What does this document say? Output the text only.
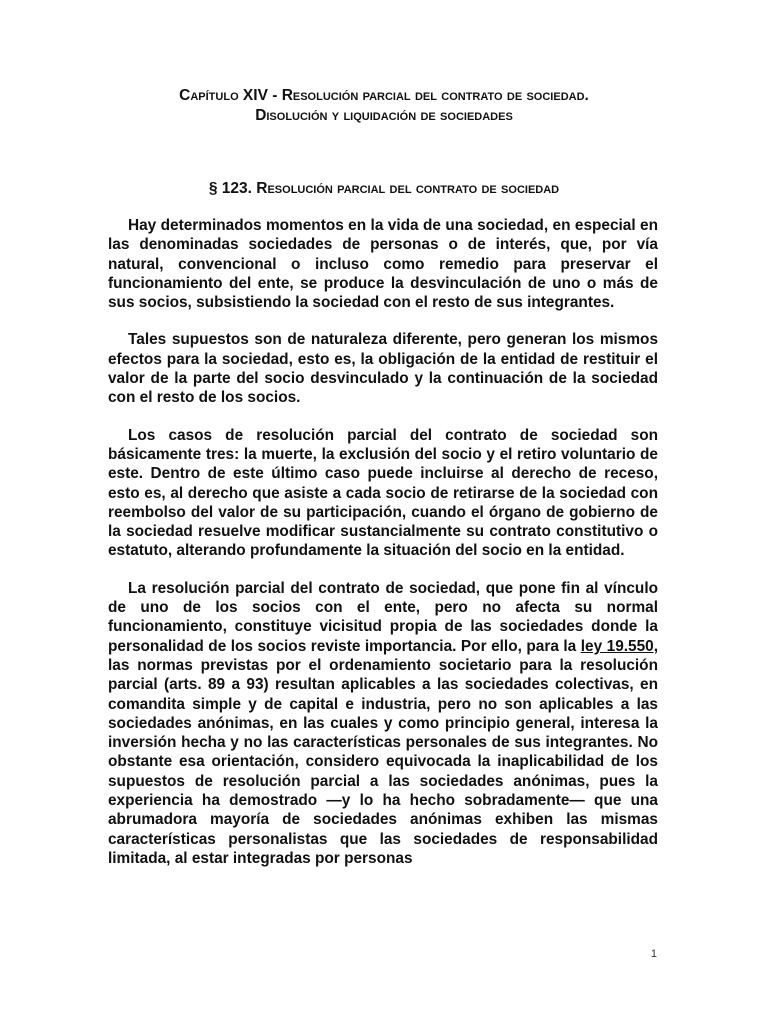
Capítulo XIV - Resolución parcial del contrato de sociedad.
Disolución y liquidación de sociedades
§ 123. Resolución parcial del contrato de sociedad

Hay determinados momentos en la vida de una sociedad, en especial en las denominadas sociedades de personas o de interés, que, por vía natural, convencional o incluso como remedio para preservar el funcionamiento del ente, se produce la desvinculación de uno o más de sus socios, subsistiendo la sociedad con el resto de sus integrantes.

Tales supuestos son de naturaleza diferente, pero generan los mismos efectos para la sociedad, esto es, la obligación de la entidad de restituir el valor de la parte del socio desvinculado y la continuación de la sociedad con el resto de los socios.

Los casos de resolución parcial del contrato de sociedad son básicamente tres: la muerte, la exclusión del socio y el retiro voluntario de este. Dentro de este último caso puede incluirse al derecho de receso, esto es, al derecho que asiste a cada socio de retirarse de la sociedad con reembolso del valor de su participación, cuando el órgano de gobierno de la sociedad resuelve modificar sustancialmente su contrato constitutivo o estatuto, alterando profundamente la situación del socio en la entidad.

La resolución parcial del contrato de sociedad, que pone fin al vínculo de uno de los socios con el ente, pero no afecta su normal funcionamiento, constituye vicisitud propia de las sociedades donde la personalidad de los socios reviste importancia. Por ello, para la ley 19.550, las normas previstas por el ordenamiento societario para la resolución parcial (arts. 89 a 93) resultan aplicables a las sociedades colectivas, en comandita simple y de capital e industria, pero no son aplicables a las sociedades anónimas, en las cuales y como principio general, interesa la inversión hecha y no las características personales de sus integrantes. No obstante esa orientación, considero equivocada la inaplicabilidad de los supuestos de resolución parcial a las sociedades anónimas, pues la experiencia ha demostrado —y lo ha hecho sobradamente— que una abrumadora mayoría de sociedades anónimas exhiben las mismas características personalistas que las sociedades de responsabilidad limitada, al estar integradas por personas

1
